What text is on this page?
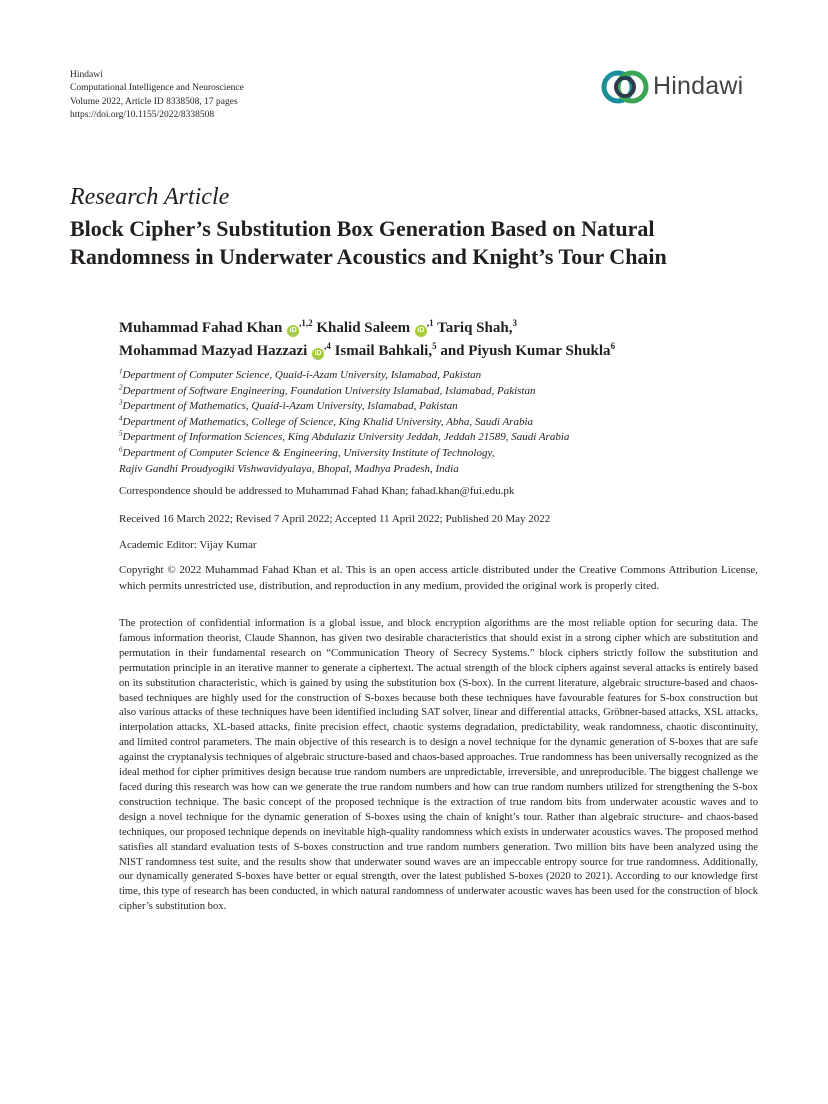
Hindawi
Computational Intelligence and Neuroscience
Volume 2022, Article ID 8338508, 17 pages
https://doi.org/10.1155/2022/8338508
Hindawi
Research Article
Block Cipher’s Substitution Box Generation Based on Natural
Randomness in Underwater Acoustics and Knight’s Tour Chain
Muhammad Fahad Khan $iD^{,1,2}$ Khalid Saleem $iD^{,1}$ Tariq Shah,$^3$
Mohammad Mazyad Hazzazi $iD^{,4}$ Ismail Bahkali,$^5$ and Piyush Kumar Shukla$^6$
$^1$Department of Computer Science, Quaid-i-Azam University, Islamabad, Pakistan
$^2$Department of Software Engineering, Foundation University Islamabad, Islamabad, Pakistan
$^3$Department of Mathematics, Quaid-i-Azam University, Islamabad, Pakistan
$^4$Department of Mathematics, College of Science, King Khalid University, Abha, Saudi Arabia
$^5$Department of Information Sciences, King Abdulaziz University Jeddah, Jeddah 21589, Saudi Arabia
$^6$Department of Computer Science & Engineering, University Institute of Technology,
Rajiv Gandhi Proudyogiki Vishwavidyalaya, Bhopal, Madhya Pradesh, India
Correspondence should be addressed to Muhammad Fahad Khan; fahad.khan@fui.edu.pk
Received 16 March 2022; Revised 7 April 2022; Accepted 11 April 2022; Published 20 May 2022
Academic Editor: Vijay Kumar
Copyright © 2022 Muhammad Fahad Khan et al. This is an open access article distributed under the Creative Commons Attribution License, which permits unrestricted use, distribution, and reproduction in any medium, provided the original work is properly cited.
The protection of confidential information is a global issue, and block encryption algorithms are the most reliable option for securing data. The famous information theorist, Claude Shannon, has given two desirable characteristics that should exist in a strong cipher which are substitution and permutation in their fundamental research on “Communication Theory of Secrecy Systems.” block ciphers strictly follow the substitution and permutation principle in an iterative manner to generate a ciphertext. The actual strength of the block ciphers against several attacks is entirely based on its substitution characteristic, which is gained by using the substitution box (S-box). In the current literature, algebraic structure-based and chaos-based techniques are highly used for the construction of S-boxes because both these techniques have favourable features for S-box construction but also various attacks of these techniques have been identified including SAT solver, linear and differential attacks, Gröbner-based attacks, XSL attacks, interpolation attacks, XL-based attacks, finite precision effect, chaotic systems degradation, predictability, weak randomness, chaotic discontinuity, and limited control parameters. The main objective of this research is to design a novel technique for the dynamic generation of S-boxes that are safe against the cryptanalysis techniques of algebraic structure-based and chaos-based approaches. True randomness has been universally recognized as the ideal method for cipher primitives design because true random numbers are unpredictable, irreversible, and unreproducible. The biggest challenge we faced during this research was how can we generate the true random numbers and how can true random numbers utilized for strengthening the S-box construction technique. The basic concept of the proposed technique is the extraction of true random bits from underwater acoustic waves and to design a novel technique for the dynamic generation of S-boxes using the chain of knight’s tour. Rather than algebraic structure- and chaos-based techniques, our proposed technique depends on inevitable high-quality randomness which exists in underwater acoustics waves. The proposed method satisfies all standard evaluation tests of S-boxes construction and true random numbers generation. Two million bits have been analyzed using the NIST randomness test suite, and the results show that underwater sound waves are an impeccable entropy source for true randomness. Additionally, our dynamically generated S-boxes have better or equal strength, over the latest published S-boxes (2020 to 2021). According to our knowledge first time, this type of research has been conducted, in which natural randomness of underwater acoustic waves has been used for the construction of block cipher’s substitution box.
